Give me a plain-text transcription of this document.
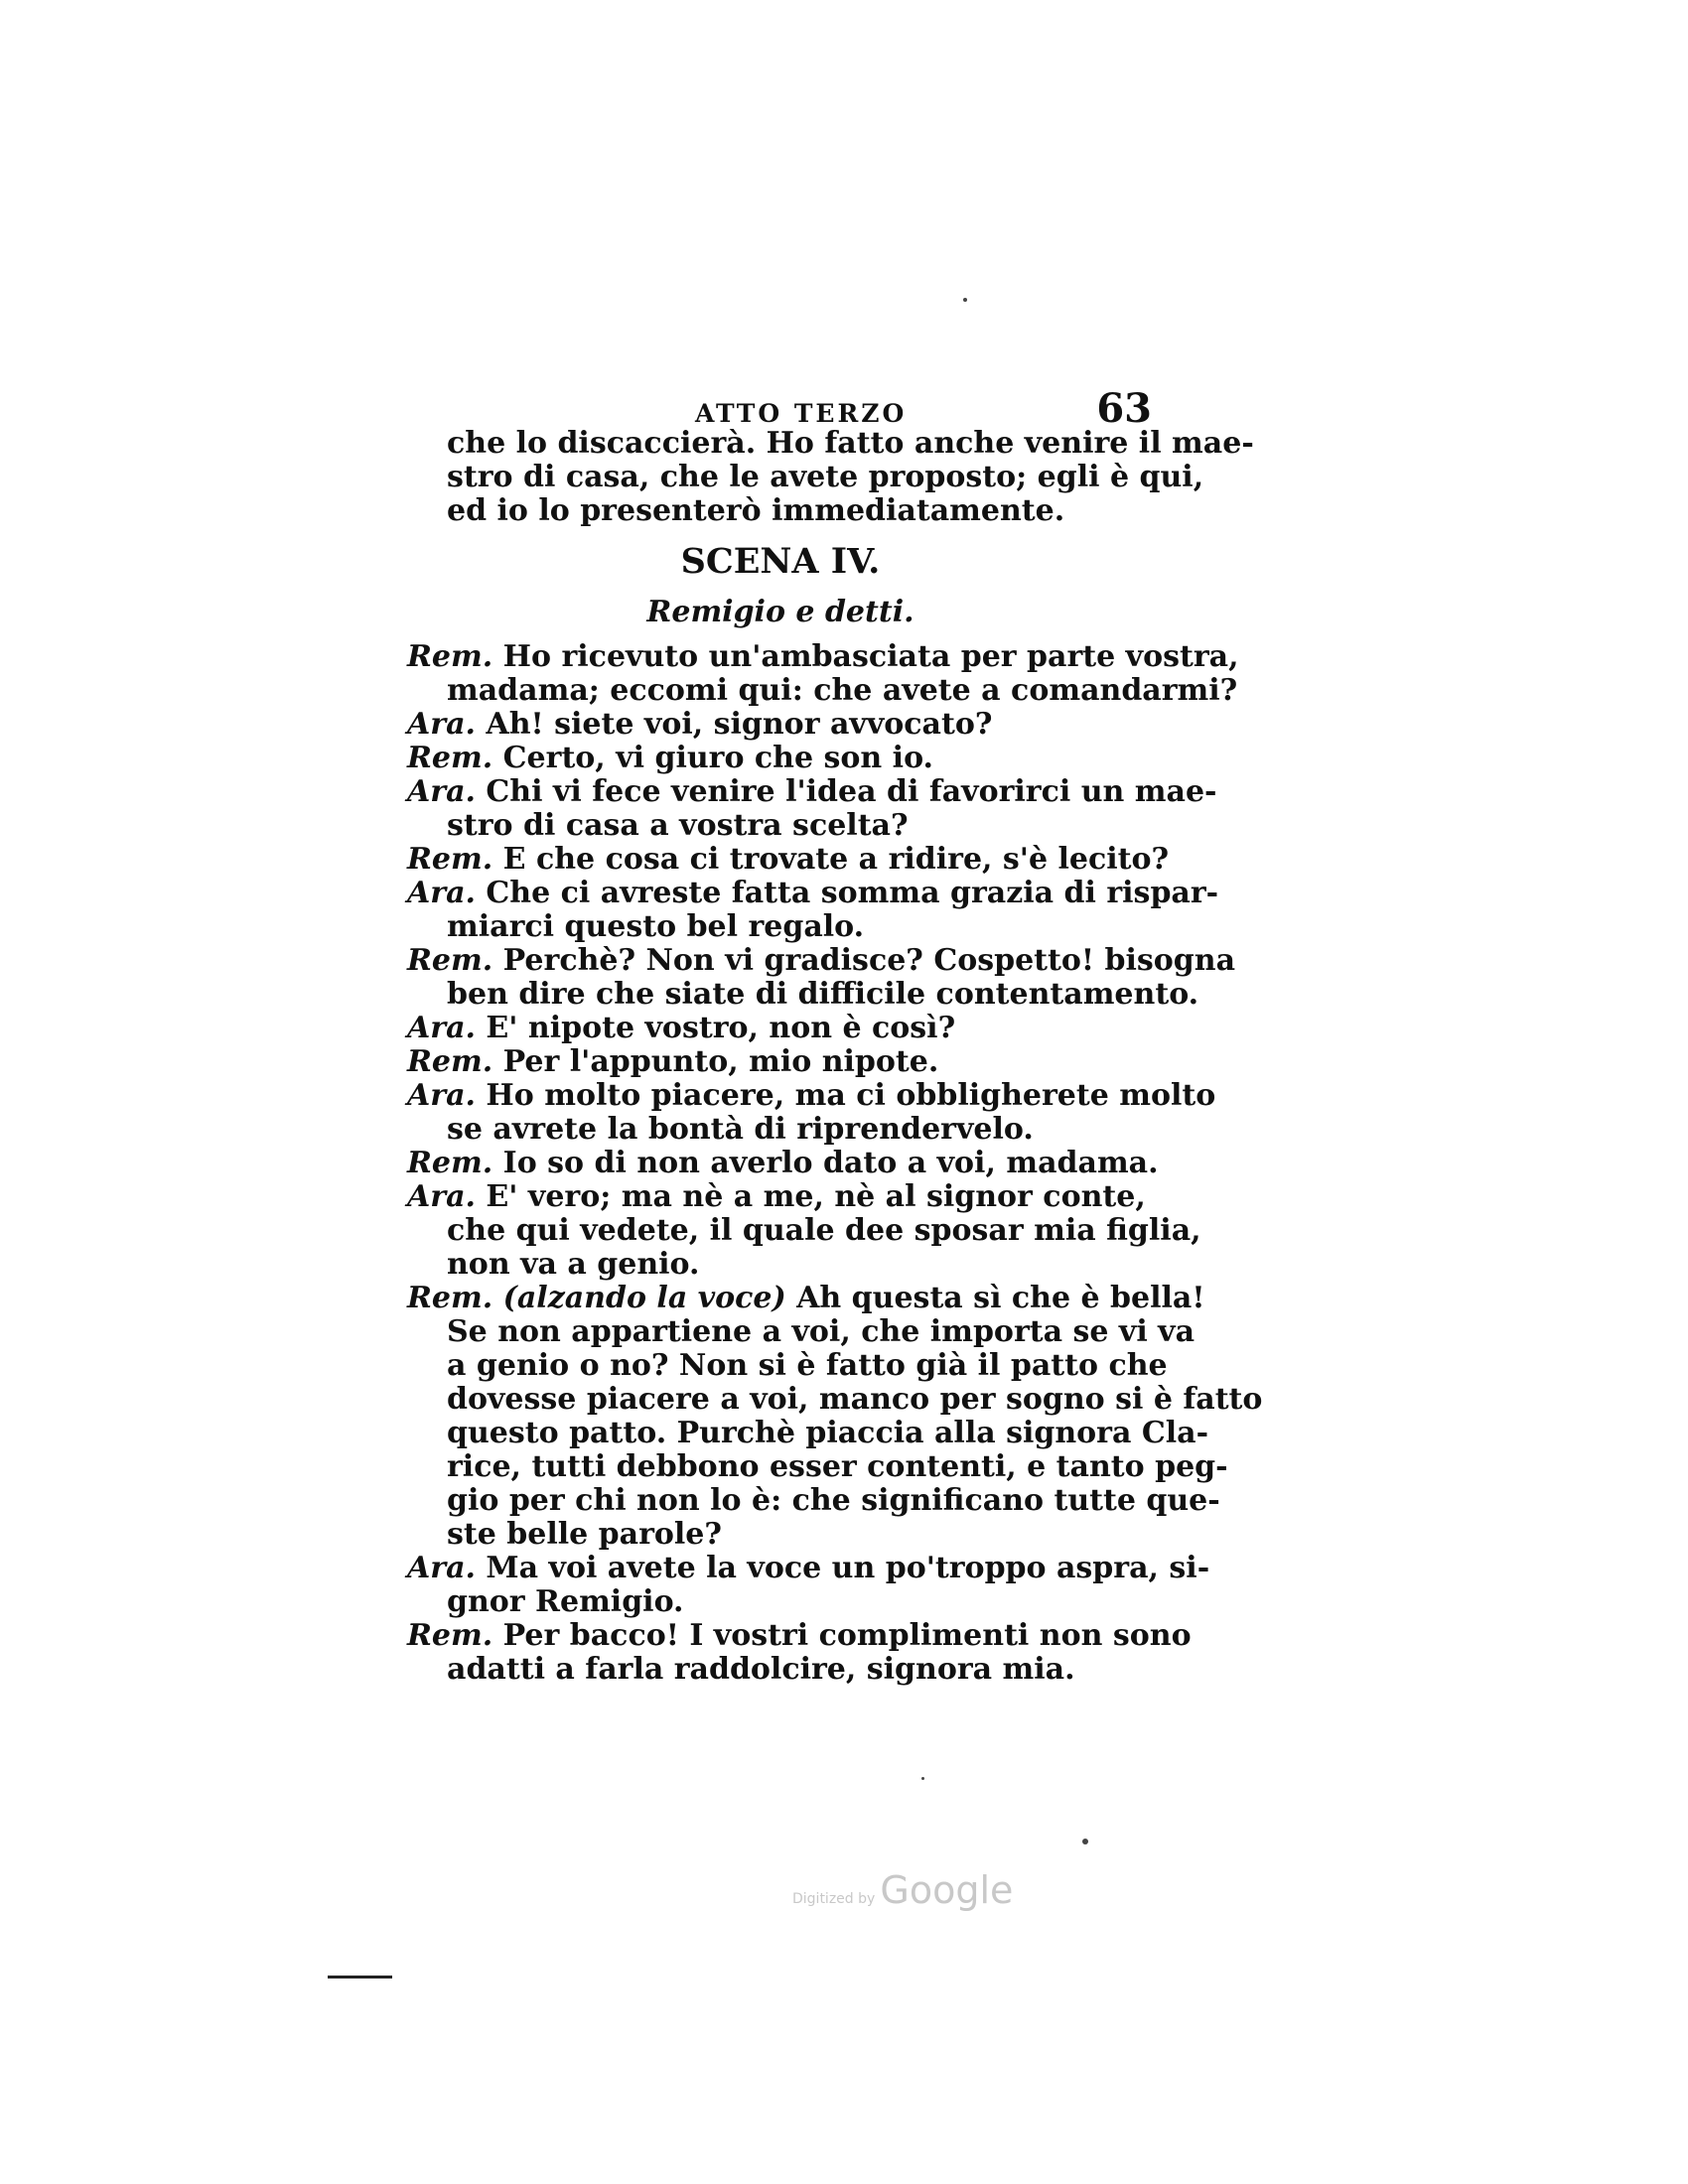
ATTO TERZO	63
che lo discaccierà. Ho fatto anche venire il mae-
stro di casa, che le avete proposto; egli è qui,
ed io lo presenterò immediatamente.
SCENA IV.
Remigio e detti.
Rem. Ho ricevuto un'ambasciata per parte vostra,
madama; eccomi qui: che avete a comandarmi?
Ara. Ah! siete voi, signor avvocato?
Rem. Certo, vi giuro che son io.
Ara. Chi vi fece venire l'idea di favorirci un mae-
stro di casa a vostra scelta?
Rem. E che cosa ci trovate a ridire, s'è lecito?
Ara. Che ci avreste fatta somma grazia di rispar-
miarci questo bel regalo.
Rem. Perchè? Non vi gradisce? Cospetto! bisogna
ben dire che siate di difficile contentamento.
Ara. E' nipote vostro, non è così?
Rem. Per l'appunto, mio nipote.
Ara. Ho molto piacere, ma ci obbligherete molto
se avrete la bontà di riprendervelo.
Rem. Io so di non averlo dato a voi, madama.
Ara. E' vero; ma nè a me, nè al signor conte,
che qui vedete, il quale dee sposar mia figlia,
non va a genio.
Rem. (alzando la voce) Ah questa sì che è bella!
Se non appartiene a voi, che importa se vi va
a genio o no? Non si è fatto già il patto che
dovesse piacere a voi, manco per sogno si è fatto
questo patto. Purchè piaccia alla signora Cla-
rice, tutti debbono esser contenti, e tanto peg-
gio per chi non lo è: che significano tutte que-
ste belle parole?
Ara. Ma voi avete la voce un po'troppo aspra, si-
gnor Remigio.
Rem. Per bacco! I vostri complimenti non sono
adatti a farla raddolcire, signora mia.
Digitized by Google
